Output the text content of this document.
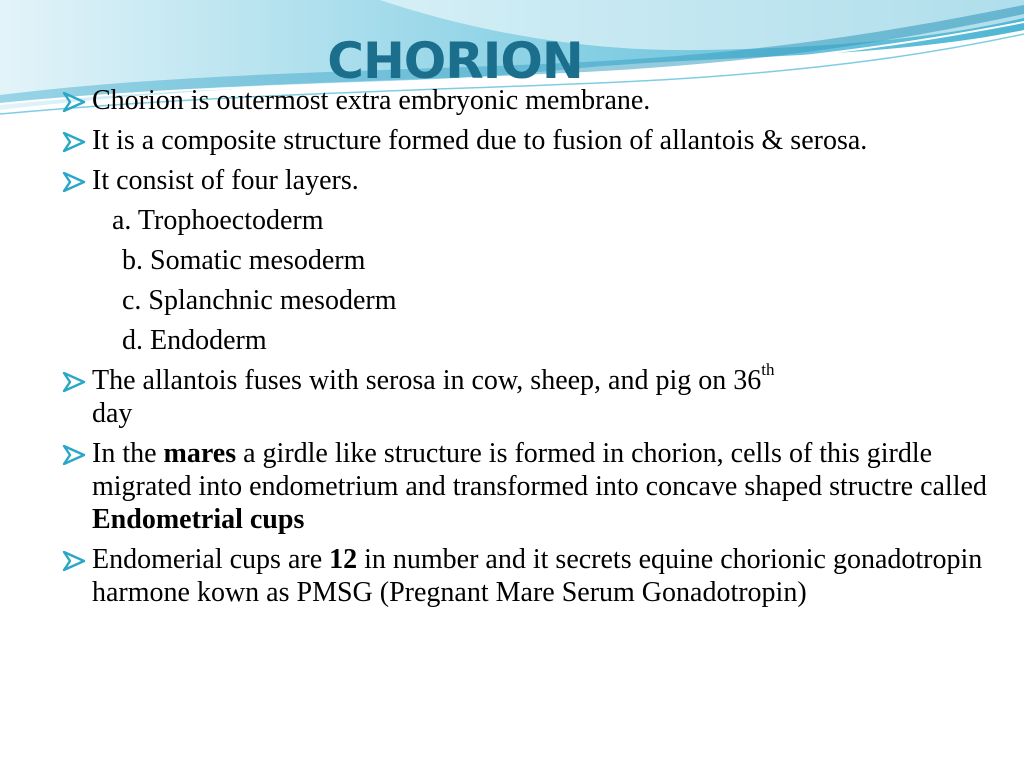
CHORION
Chorion is outermost extra embryonic membrane.
It is a composite structure formed due to fusion of allantois & serosa.
It consist of four layers.
a. Trophoectoderm
b. Somatic mesoderm
c. Splanchnic mesoderm
d. Endoderm
The allantois fuses with serosa in cow, sheep, and pig on 36th
day
In the mares a girdle like structure is formed in chorion, cells of this girdle migrated into endometrium and transformed into concave shaped structre called Endometrial cups
Endomerial cups are 12 in number and it secrets equine chorionic gonadotropin harmone kown as PMSG (Pregnant Mare Serum Gonadotropin)
